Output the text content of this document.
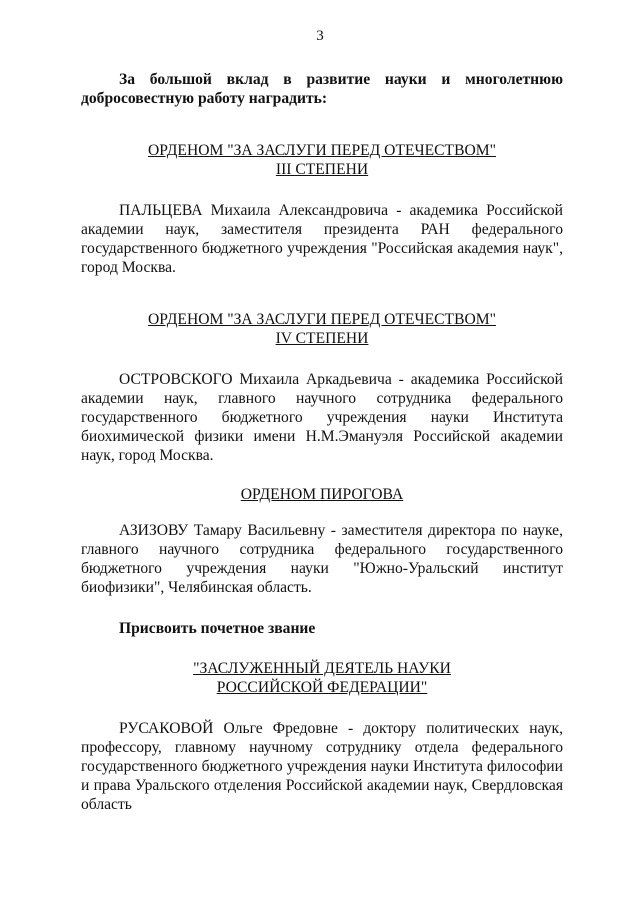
3
За большой вклад в развитие науки и многолетнюю добросовестную работу наградить:
ОРДЕНОМ "ЗА ЗАСЛУГИ ПЕРЕД ОТЕЧЕСТВОМ"
III СТЕПЕНИ
ПАЛЬЦЕВА Михаила Александровича - академика Российской академии наук, заместителя президента РАН федерального государственного бюджетного учреждения "Российская академия наук", город Москва.
ОРДЕНОМ "ЗА ЗАСЛУГИ ПЕРЕД ОТЕЧЕСТВОМ"
IV СТЕПЕНИ
ОСТРОВСКОГО Михаила Аркадьевича - академика Российской академии наук, главного научного сотрудника федерального государственного бюджетного учреждения науки Института биохимической физики имени Н.М.Эмануэля Российской академии наук, город Москва.
ОРДЕНОМ ПИРОГОВА
АЗИЗОВУ Тамару Васильевну - заместителя директора по науке, главного научного сотрудника федерального государственного бюджетного учреждения науки "Южно-Уральский институт биофизики", Челябинская область.
Присвоить почетное звание
"ЗАСЛУЖЕННЫЙ ДЕЯТЕЛЬ НАУКИ
РОССИЙСКОЙ ФЕДЕРАЦИИ"
РУСАКОВОЙ Ольге Фредовне - доктору политических наук, профессору, главному научному сотруднику отдела федерального государственного бюджетного учреждения науки Института философии и права Уральского отделения Российской академии наук, Свердловская область
